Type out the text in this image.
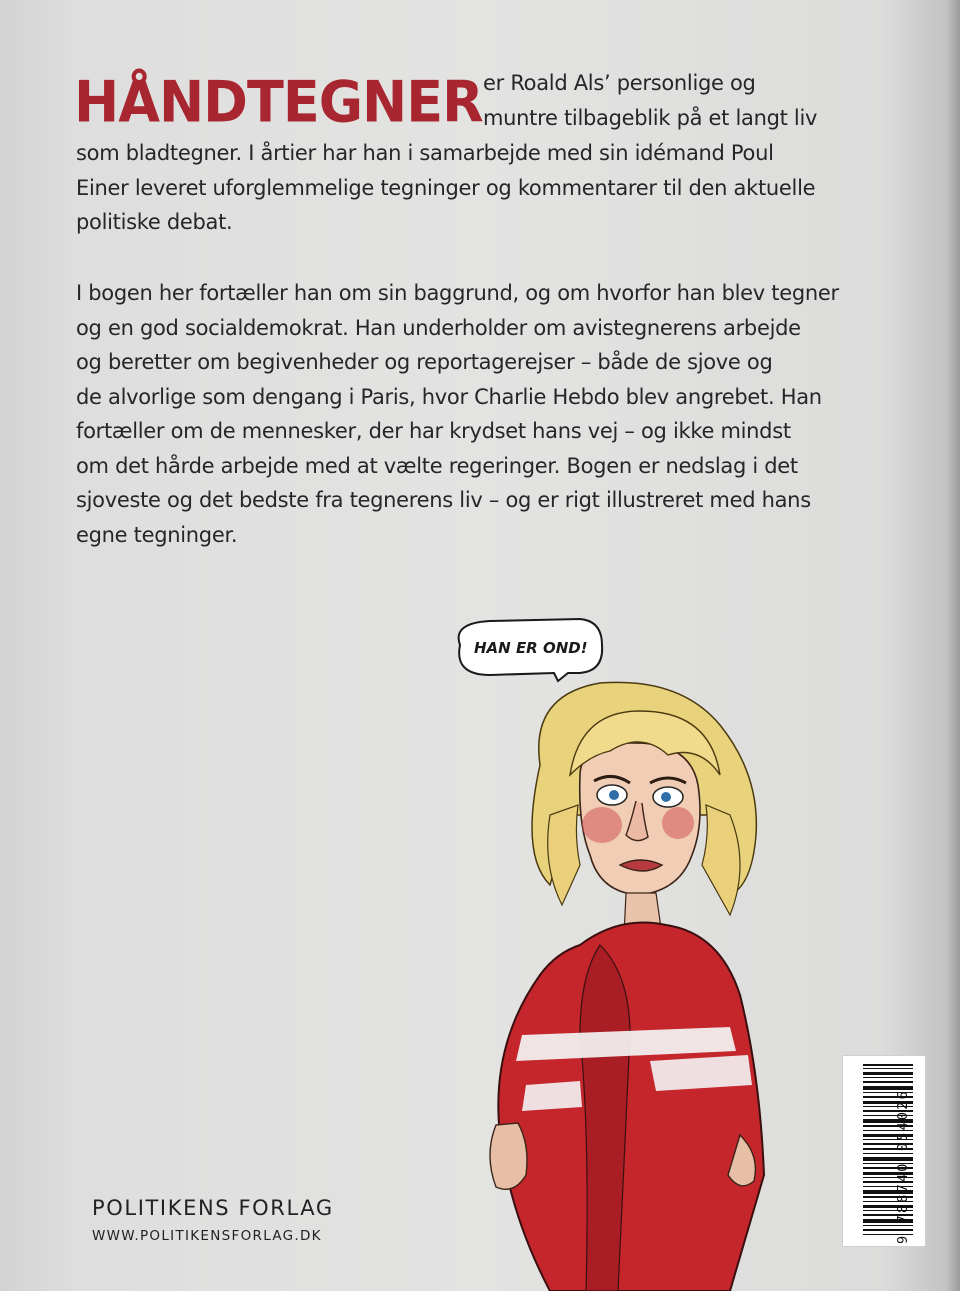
HÅNDTEGNER er Roald Als’ personlige og
muntre tilbageblik på et langt liv
som bladtegner. I årtier har han i samarbejde med sin idémand Poul
Einer leveret uforglemmelige tegninger og kommentarer til den aktuelle
politiske debat.
I bogen her fortæller han om sin baggrund, og om hvorfor han blev tegner
og en god socialdemokrat. Han underholder om avistegnerens arbejde
og beretter om begivenheder og reportagerejser – både de sjove og
de alvorlige som dengang i Paris, hvor Charlie Hebdo blev angrebet. Han
fortæller om de mennesker, der har krydset hans vej – og ikke mindst
om det hårde arbejde med at vælte regeringer. Bogen er nedslag i det
sjoveste og det bedste fra tegnerens liv – og er rigt illustreret med hans
egne tegninger.
HAN ER OND!
POLITIKENS FORLAG
WWW.POLITIKENSFORLAG.DK	9 788740 054026
